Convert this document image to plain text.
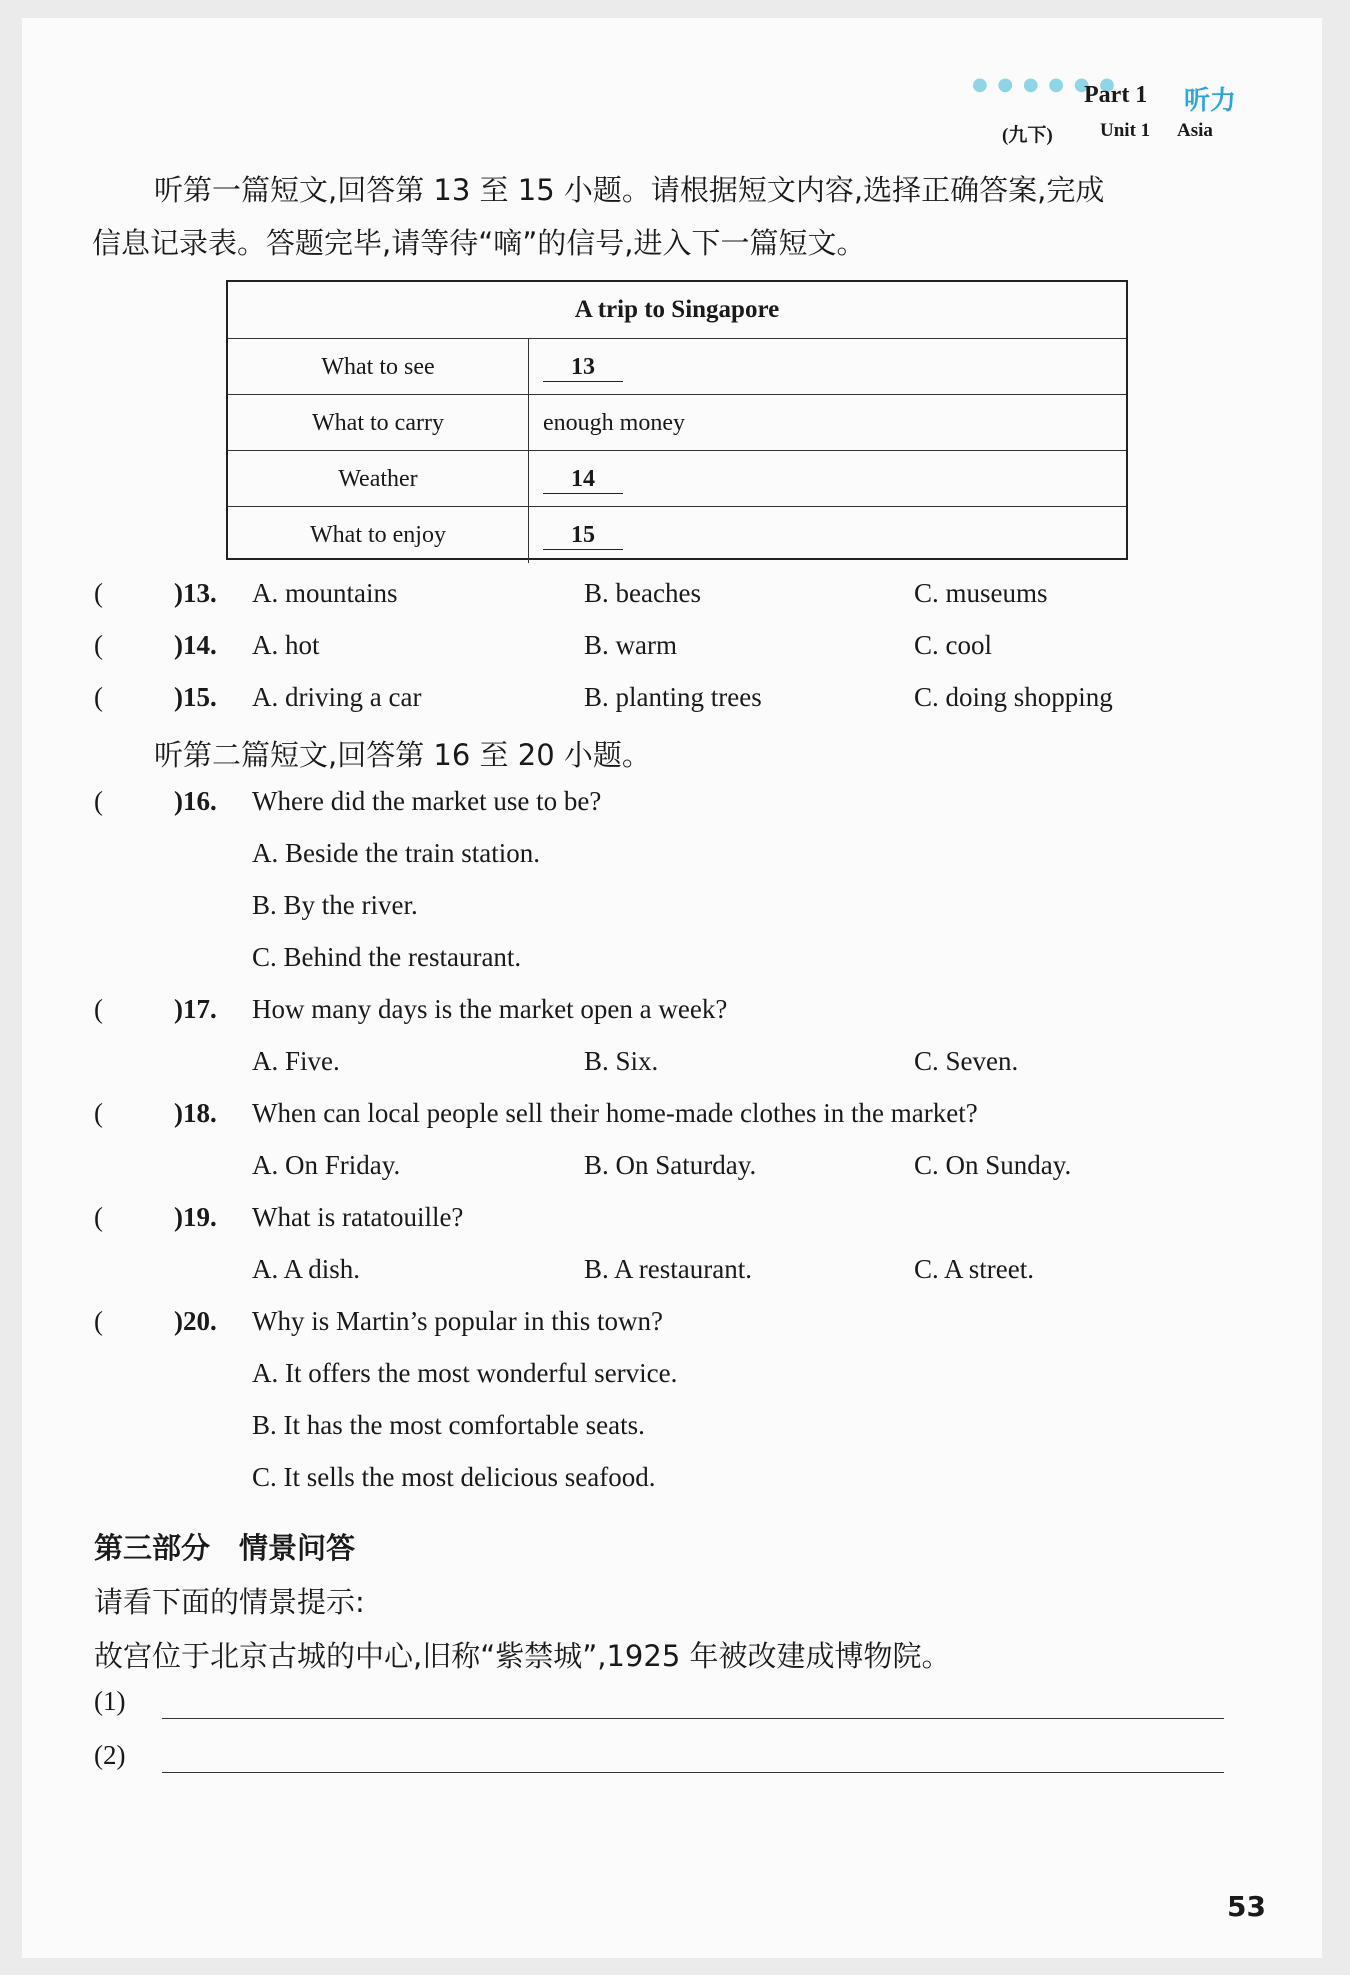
● ● ● ● ● ●
Part 1 听力
(九下) Unit 1 Asia
听第一篇短文,回答第 13 至 15 小题。请根据短文内容,选择正确答案,完成
信息记录表。答题完毕,请等待“嘀”的信号,进入下一篇短文。
A trip to Singapore
What to see	13
What to carry	enough money
Weather	14
What to enjoy	15
(	)13. A. mountains	B. beaches	C. museums
(	)14. A. hot	B. warm	C. cool
(	)15. A. driving a car	B. planting trees	C. doing shopping
听第二篇短文,回答第 16 至 20 小题。
(	)16. Where did the market use to be?
A. Beside the train station.
B. By the river.
C. Behind the restaurant.
(	)17. How many days is the market open a week?
A. Five.	B. Six.	C. Seven.
(	)18. When can local people sell their home-made clothes in the market?
A. On Friday.	B. On Saturday.	C. On Sunday.
(	)19. What is ratatouille?
A. A dish.	B. A restaurant.	C. A street.
(	)20. Why is Martin’s popular in this town?
A. It offers the most wonderful service.
B. It has the most comfortable seats.
C. It sells the most delicious seafood.
第三部分　情景问答
请看下面的情景提示:
故宫位于北京古城的中心,旧称“紫禁城”,1925 年被改建成博物院。
(1)
(2)
53
